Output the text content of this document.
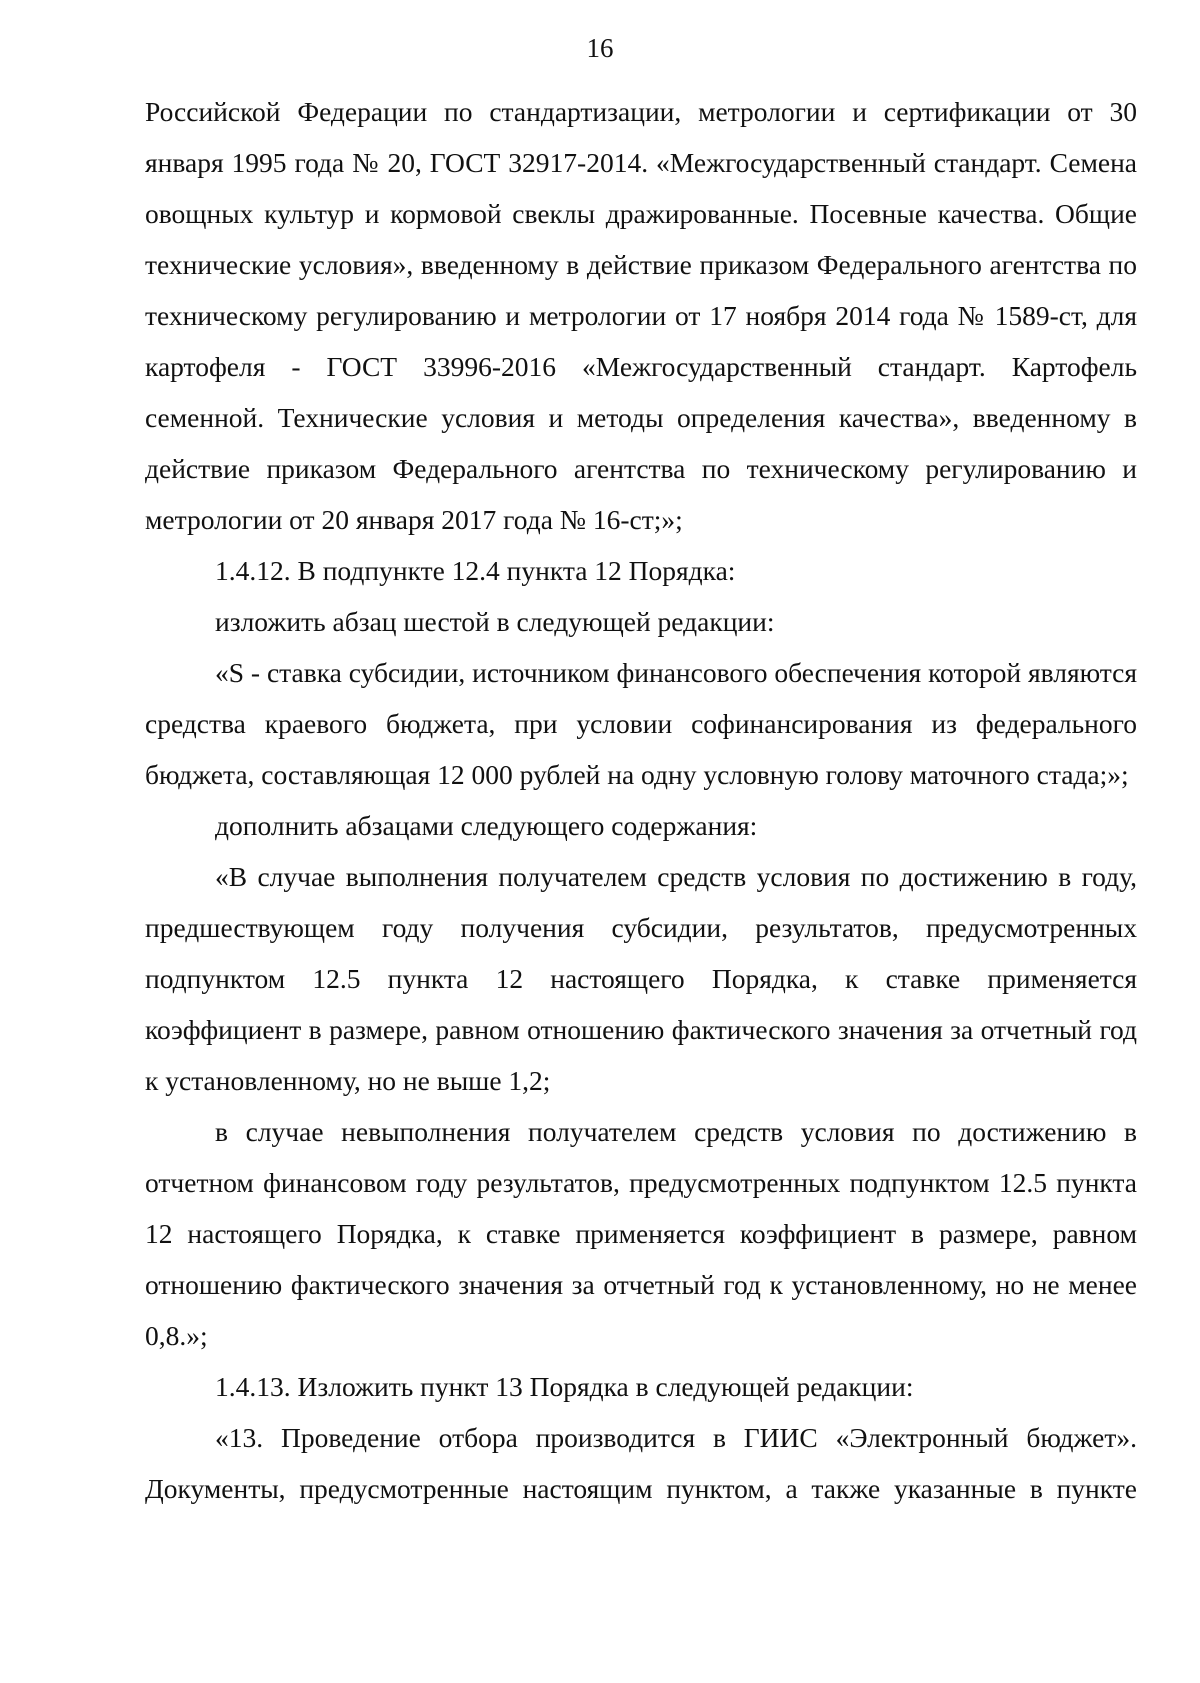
16

Российской Федерации по стандартизации, метрологии и сертификации от 30 января 1995 года № 20, ГОСТ 32917-2014. «Межгосударственный стандарт. Семена овощных культур и кормовой свеклы дражированные. Посевные качества. Общие технические условия», введенному в действие приказом Федерального агентства по техническому регулированию и метрологии от 17 ноября 2014 года № 1589-ст, для картофеля - ГОСТ 33996-2016 «Межгосударственный стандарт. Картофель семенной. Технические условия и методы определения качества», введенному в действие приказом Федерального агентства по техническому регулированию и метрологии от 20 января 2017 года № 16-ст;»;

1.4.12. В подпункте 12.4 пункта 12 Порядка:

изложить абзац шестой в следующей редакции:

«S - ставка субсидии, источником финансового обеспечения которой являются средства краевого бюджета, при условии софинансирования из федерального бюджета, составляющая 12 000 рублей на одну условную голову маточного стада;»;

дополнить абзацами следующего содержания:

«В случае выполнения получателем средств условия по достижению в году, предшествующем году получения субсидии, результатов, предусмотренных подпунктом 12.5 пункта 12 настоящего Порядка, к ставке применяется коэффициент в размере, равном отношению фактического значения за отчетный год к установленному, но не выше 1,2;

в случае невыполнения получателем средств условия по достижению в отчетном финансовом году результатов, предусмотренных подпунктом 12.5 пункта 12 настоящего Порядка, к ставке применяется коэффициент в размере, равном отношению фактического значения за отчетный год к установленному, но не менее 0,8.»;

1.4.13. Изложить пункт 13 Порядка в следующей редакции:

«13. Проведение отбора производится в ГИИС «Электронный бюджет». Документы, предусмотренные настоящим пунктом, а также указанные в пункте
